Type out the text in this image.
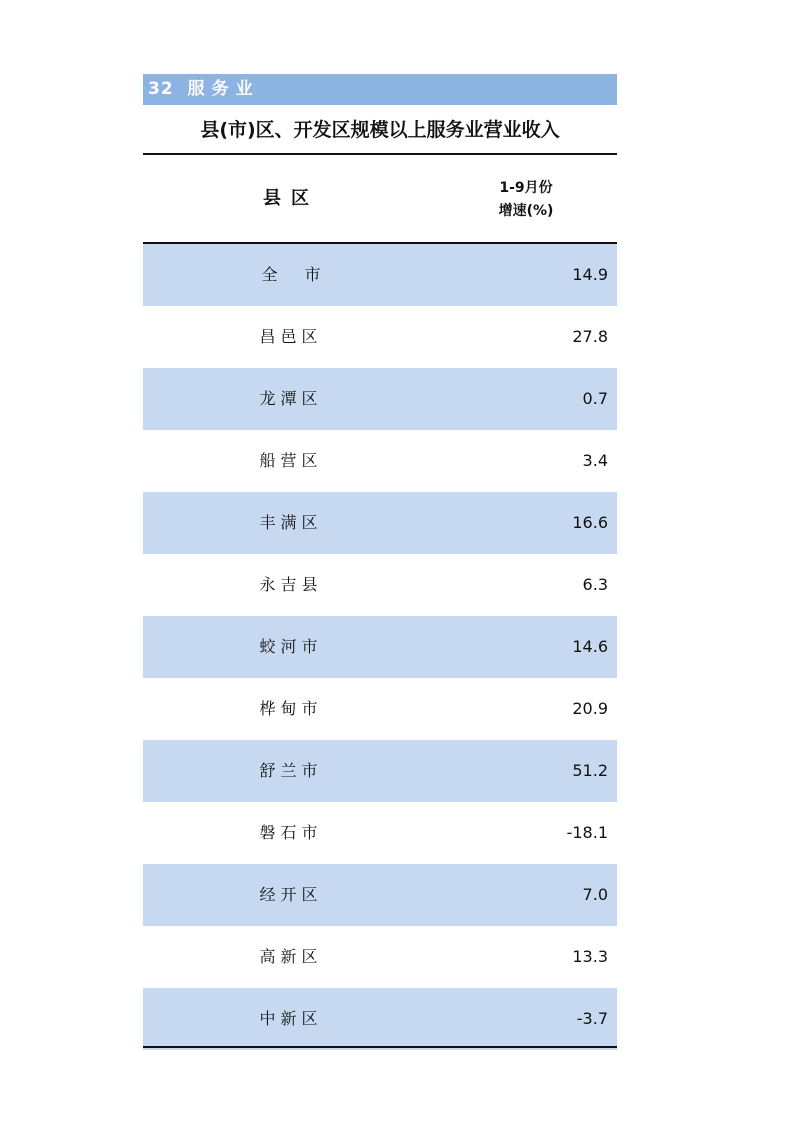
32 服务业
县(市)区、开发区规模以上服务业营业收入
县区	1-9月份
增速(%)
全市	14.9
昌邑区	27.8
龙潭区	0.7
船营区	3.4
丰满区	16.6
永吉县	6.3
蛟河市	14.6
桦甸市	20.9
舒兰市	51.2
磐石市	-18.1
经开区	7.0
高新区	13.3
中新区	-3.7
